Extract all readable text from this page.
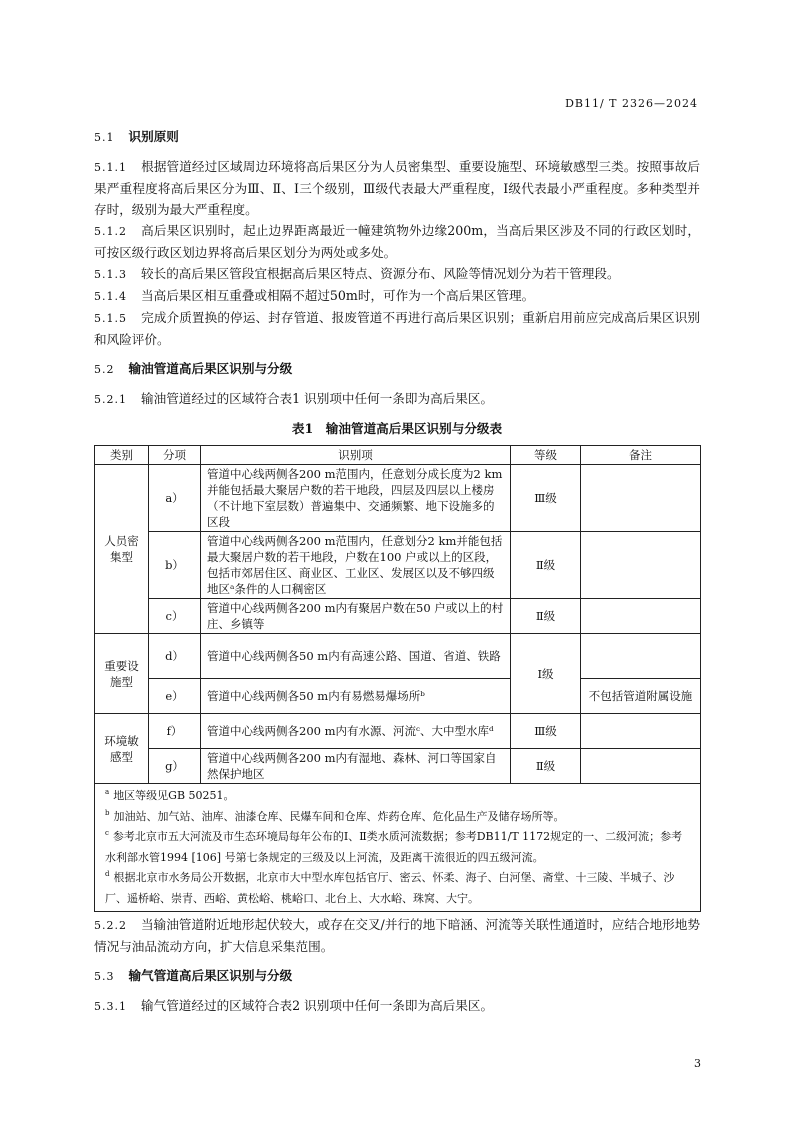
DB11/ T 2326—2024

5.1 识别原则

5.1.1 根据管道经过区域周边环境将高后果区分为人员密集型、重要设施型、环境敏感型三类。按照事故后果严重程度将高后果区分为Ⅲ、Ⅱ、Ⅰ三个级别，Ⅲ级代表最大严重程度，Ⅰ级代表最小严重程度。多种类型并存时，级别为最大严重程度。

5.1.2 高后果区识别时，起止边界距离最近一幢建筑物外边缘200m，当高后果区涉及不同的行政区划时，可按区级行政区划边界将高后果区划分为两处或多处。

5.1.3 较长的高后果区管段宜根据高后果区特点、资源分布、风险等情况划分为若干管理段。

5.1.4 当高后果区相互重叠或相隔不超过50m时，可作为一个高后果区管理。

5.1.5 完成介质置换的停运、封存管道、报废管道不再进行高后果区识别；重新启用前应完成高后果区识别和风险评价。

5.2 输油管道高后果区识别与分级

5.2.1 输油管道经过的区域符合表1 识别项中任何一条即为高后果区。

表1　输油管道高后果区识别与分级表

类别	分项	识别项	等级	备注
人员密集型	a）	管道中心线两侧各200 m范围内，任意划分成长度为2 km并能包括最大聚居户数的若干地段，四层及四层以上楼房（不计地下室层数）普遍集中、交通频繁、地下设施多的区段	Ⅲ级	
	b）	管道中心线两侧各200 m范围内，任意划分2 km并能包括最大聚居户数的若干地段，户数在100 户或以上的区段，包括市郊居住区、商业区、工业区、发展区以及不够四级地区ᵃ条件的人口稠密区	Ⅱ级	
	c）	管道中心线两侧各200 m内有聚居户数在50 户或以上的村庄、乡镇等	Ⅱ级	
重要设施型	d）	管道中心线两侧各50 m内有高速公路、国道、省道、铁路	Ⅰ级	
	e）	管道中心线两侧各50 m内有易燃易爆场所ᵇ		不包括管道附属设施
环境敏感型	f）	管道中心线两侧各200 m内有水源、河流ᶜ、大中型水库ᵈ	Ⅲ级	
	g）	管道中心线两侧各200 m内有湿地、森林、河口等国家自然保护地区	Ⅱ级	

$^a$ 地区等级见GB 50251。
$^b$ 加油站、加气站、油库、油漆仓库、民爆车间和仓库、炸药仓库、危化品生产及储存场所等。
$^c$ 参考北京市五大河流及市生态环境局每年公布的Ⅰ、Ⅱ类水质河流数据；参考DB11/T 1172规定的一、二级河流；参考水利部水管1994 [106] 号第七条规定的三级及以上河流，及距离干流很近的四五级河流。
$^d$ 根据北京市水务局公开数据，北京市大中型水库包括官厅、密云、怀柔、海子、白河堡、斋堂、十三陵、半城子、沙厂、遥桥峪、崇青、西峪、黄松峪、桃峪口、北台上、大水峪、珠窝、大宁。				

5.2.2 当输油管道附近地形起伏较大，或存在交叉/并行的地下暗涵、河流等关联性通道时，应结合地形地势情况与油品流动方向，扩大信息采集范围。

5.3 输气管道高后果区识别与分级

5.3.1 输气管道经过的区域符合表2 识别项中任何一条即为高后果区。

3
